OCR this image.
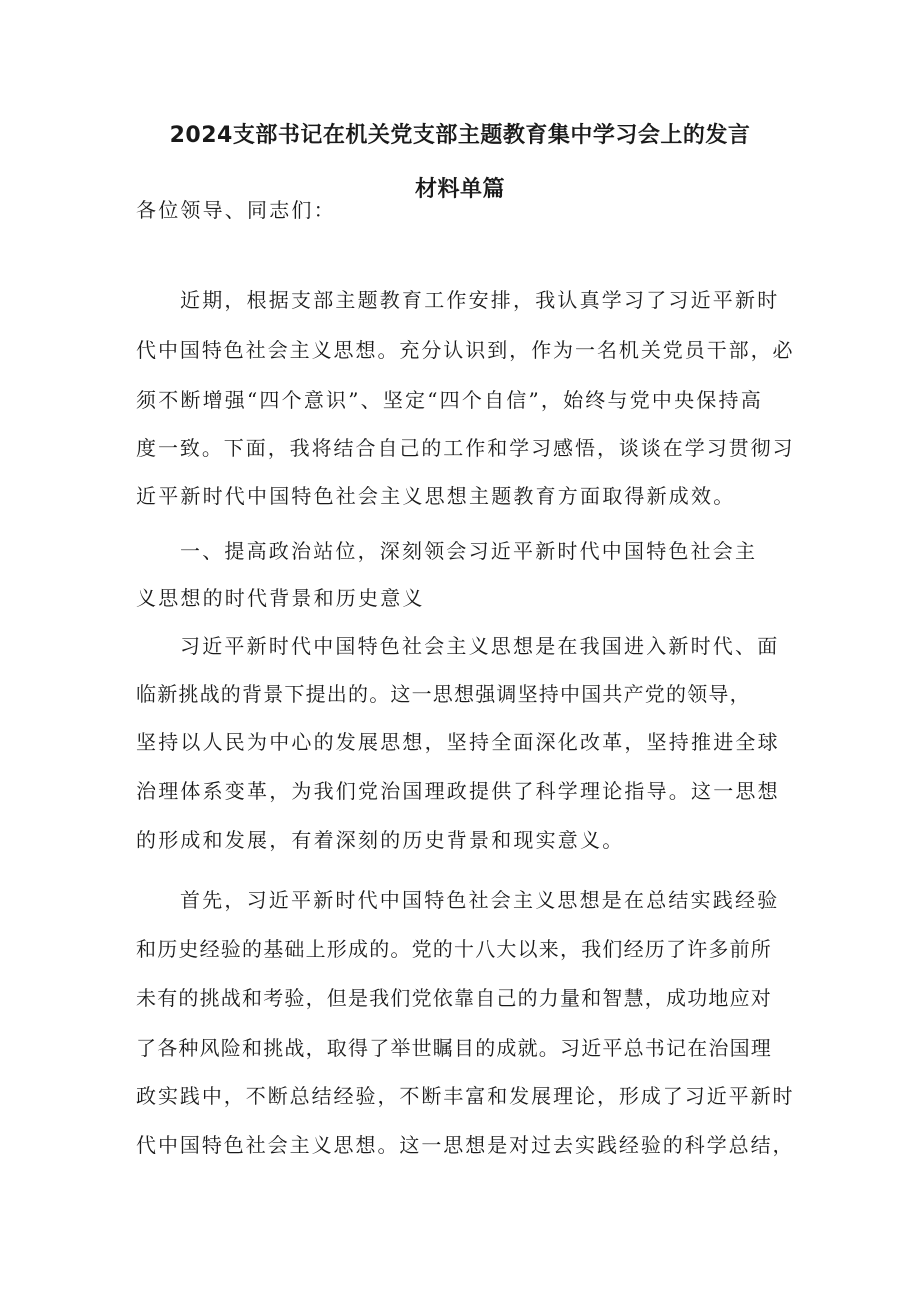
2024支部书记在机关党支部主题教育集中学习会上的发言
材料单篇

各位领导、同志们：

近期，根据支部主题教育工作安排，我认真学习了习近平新时

代中国特色社会主义思想。充分认识到，作为一名机关党员干部，必

须不断增强“四个意识”、坚定“四个自信”，始终与党中央保持高

度一致。下面，我将结合自己的工作和学习感悟，谈谈在学习贯彻习

近平新时代中国特色社会主义思想主题教育方面取得新成效。

一、提高政治站位，深刻领会习近平新时代中国特色社会主

义思想的时代背景和历史意义

习近平新时代中国特色社会主义思想是在我国进入新时代、面

临新挑战的背景下提出的。这一思想强调坚持中国共产党的领导，

坚持以人民为中心的发展思想，坚持全面深化改革，坚持推进全球

治理体系变革，为我们党治国理政提供了科学理论指导。这一思想

的形成和发展，有着深刻的历史背景和现实意义。

首先，习近平新时代中国特色社会主义思想是在总结实践经验

和历史经验的基础上形成的。党的十八大以来，我们经历了许多前所

未有的挑战和考验，但是我们党依靠自己的力量和智慧，成功地应对

了各种风险和挑战，取得了举世瞩目的成就。习近平总书记在治国理

政实践中，不断总结经验，不断丰富和发展理论，形成了习近平新时

代中国特色社会主义思想。这一思想是对过去实践经验的科学总结，
